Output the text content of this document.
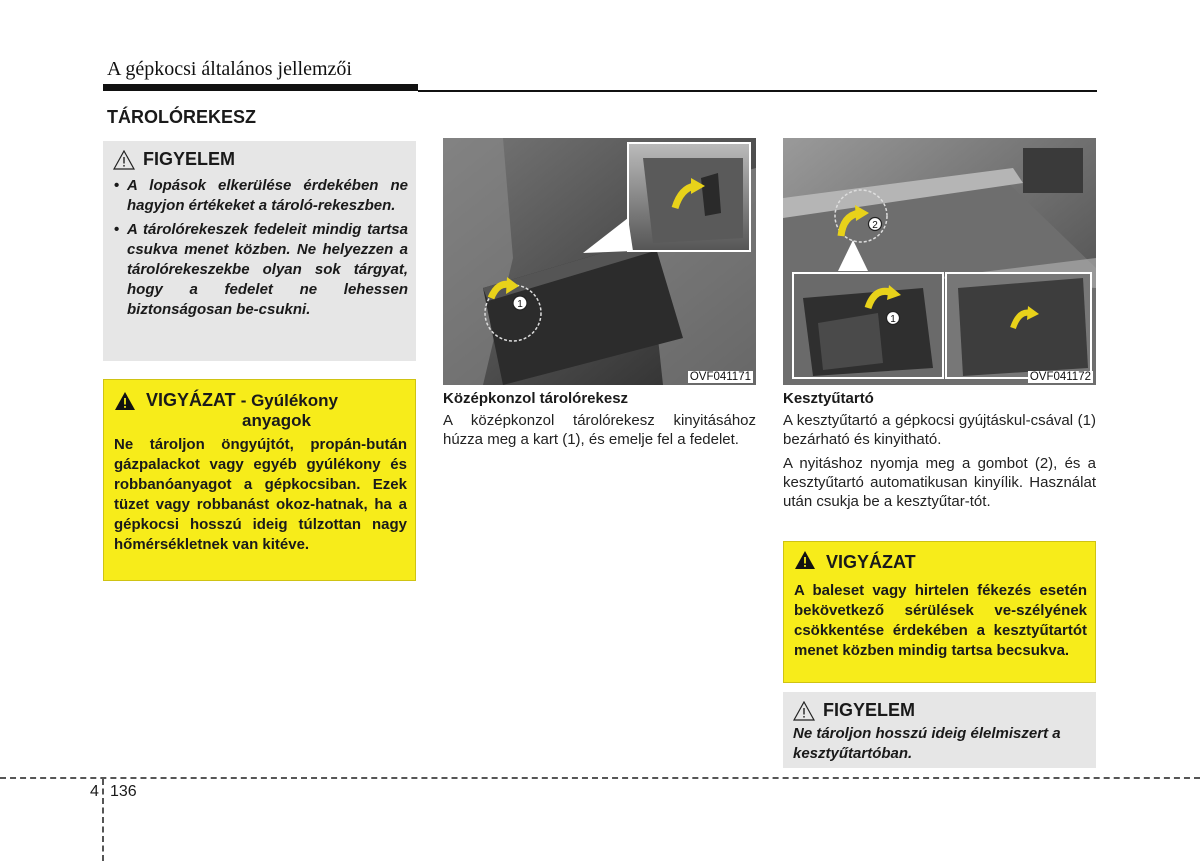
A gépkocsi általános jellemzői
TÁROLÓREKESZ
FIGYELEM
• A lopások elkerülése érdekében ne hagyjon értékeket a tároló-rekeszben.
• A tárolórekeszek fedeleit mindig tartsa csukva menet közben. Ne helyezzen a tárolórekeszekbe olyan sok tárgyat, hogy a fedelet ne lehessen biztonságosan be-csukni.
VIGYÁZAT - Gyúlékony
anyagok
Ne tároljon öngyújtót, propán-bután gázpalackot vagy egyéb gyúlékony és robbanóanyagot a gépkocsiban. Ezek tüzet vagy robbanást okoz-hatnak, ha a gépkocsi hosszú ideig túlzottan nagy hőmérsékletnek van kitéve.
1
OVF041171
2
1
OVF041172
Középkonzol tárolórekesz
A középkonzol tárolórekesz kinyitásához húzza meg a kart (1), és emelje fel a fedelet.
Kesztyűtartó
A kesztyűtartó a gépkocsi gyújtáskul-csával (1) bezárható és kinyitható.
A nyitáshoz nyomja meg a gombot (2), és a kesztyűtartó automatikusan kinyílik. Használat után csukja be a kesztyűtar-tót.
VIGYÁZAT
A baleset vagy hirtelen fékezés esetén bekövetkező sérülések ve-szélyének csökkentése érdekében a kesztyűtartót menet közben mindig tartsa becsukva.
FIGYELEM
Ne tároljon hosszú ideig élelmiszert a kesztyűtartóban.
4 136
